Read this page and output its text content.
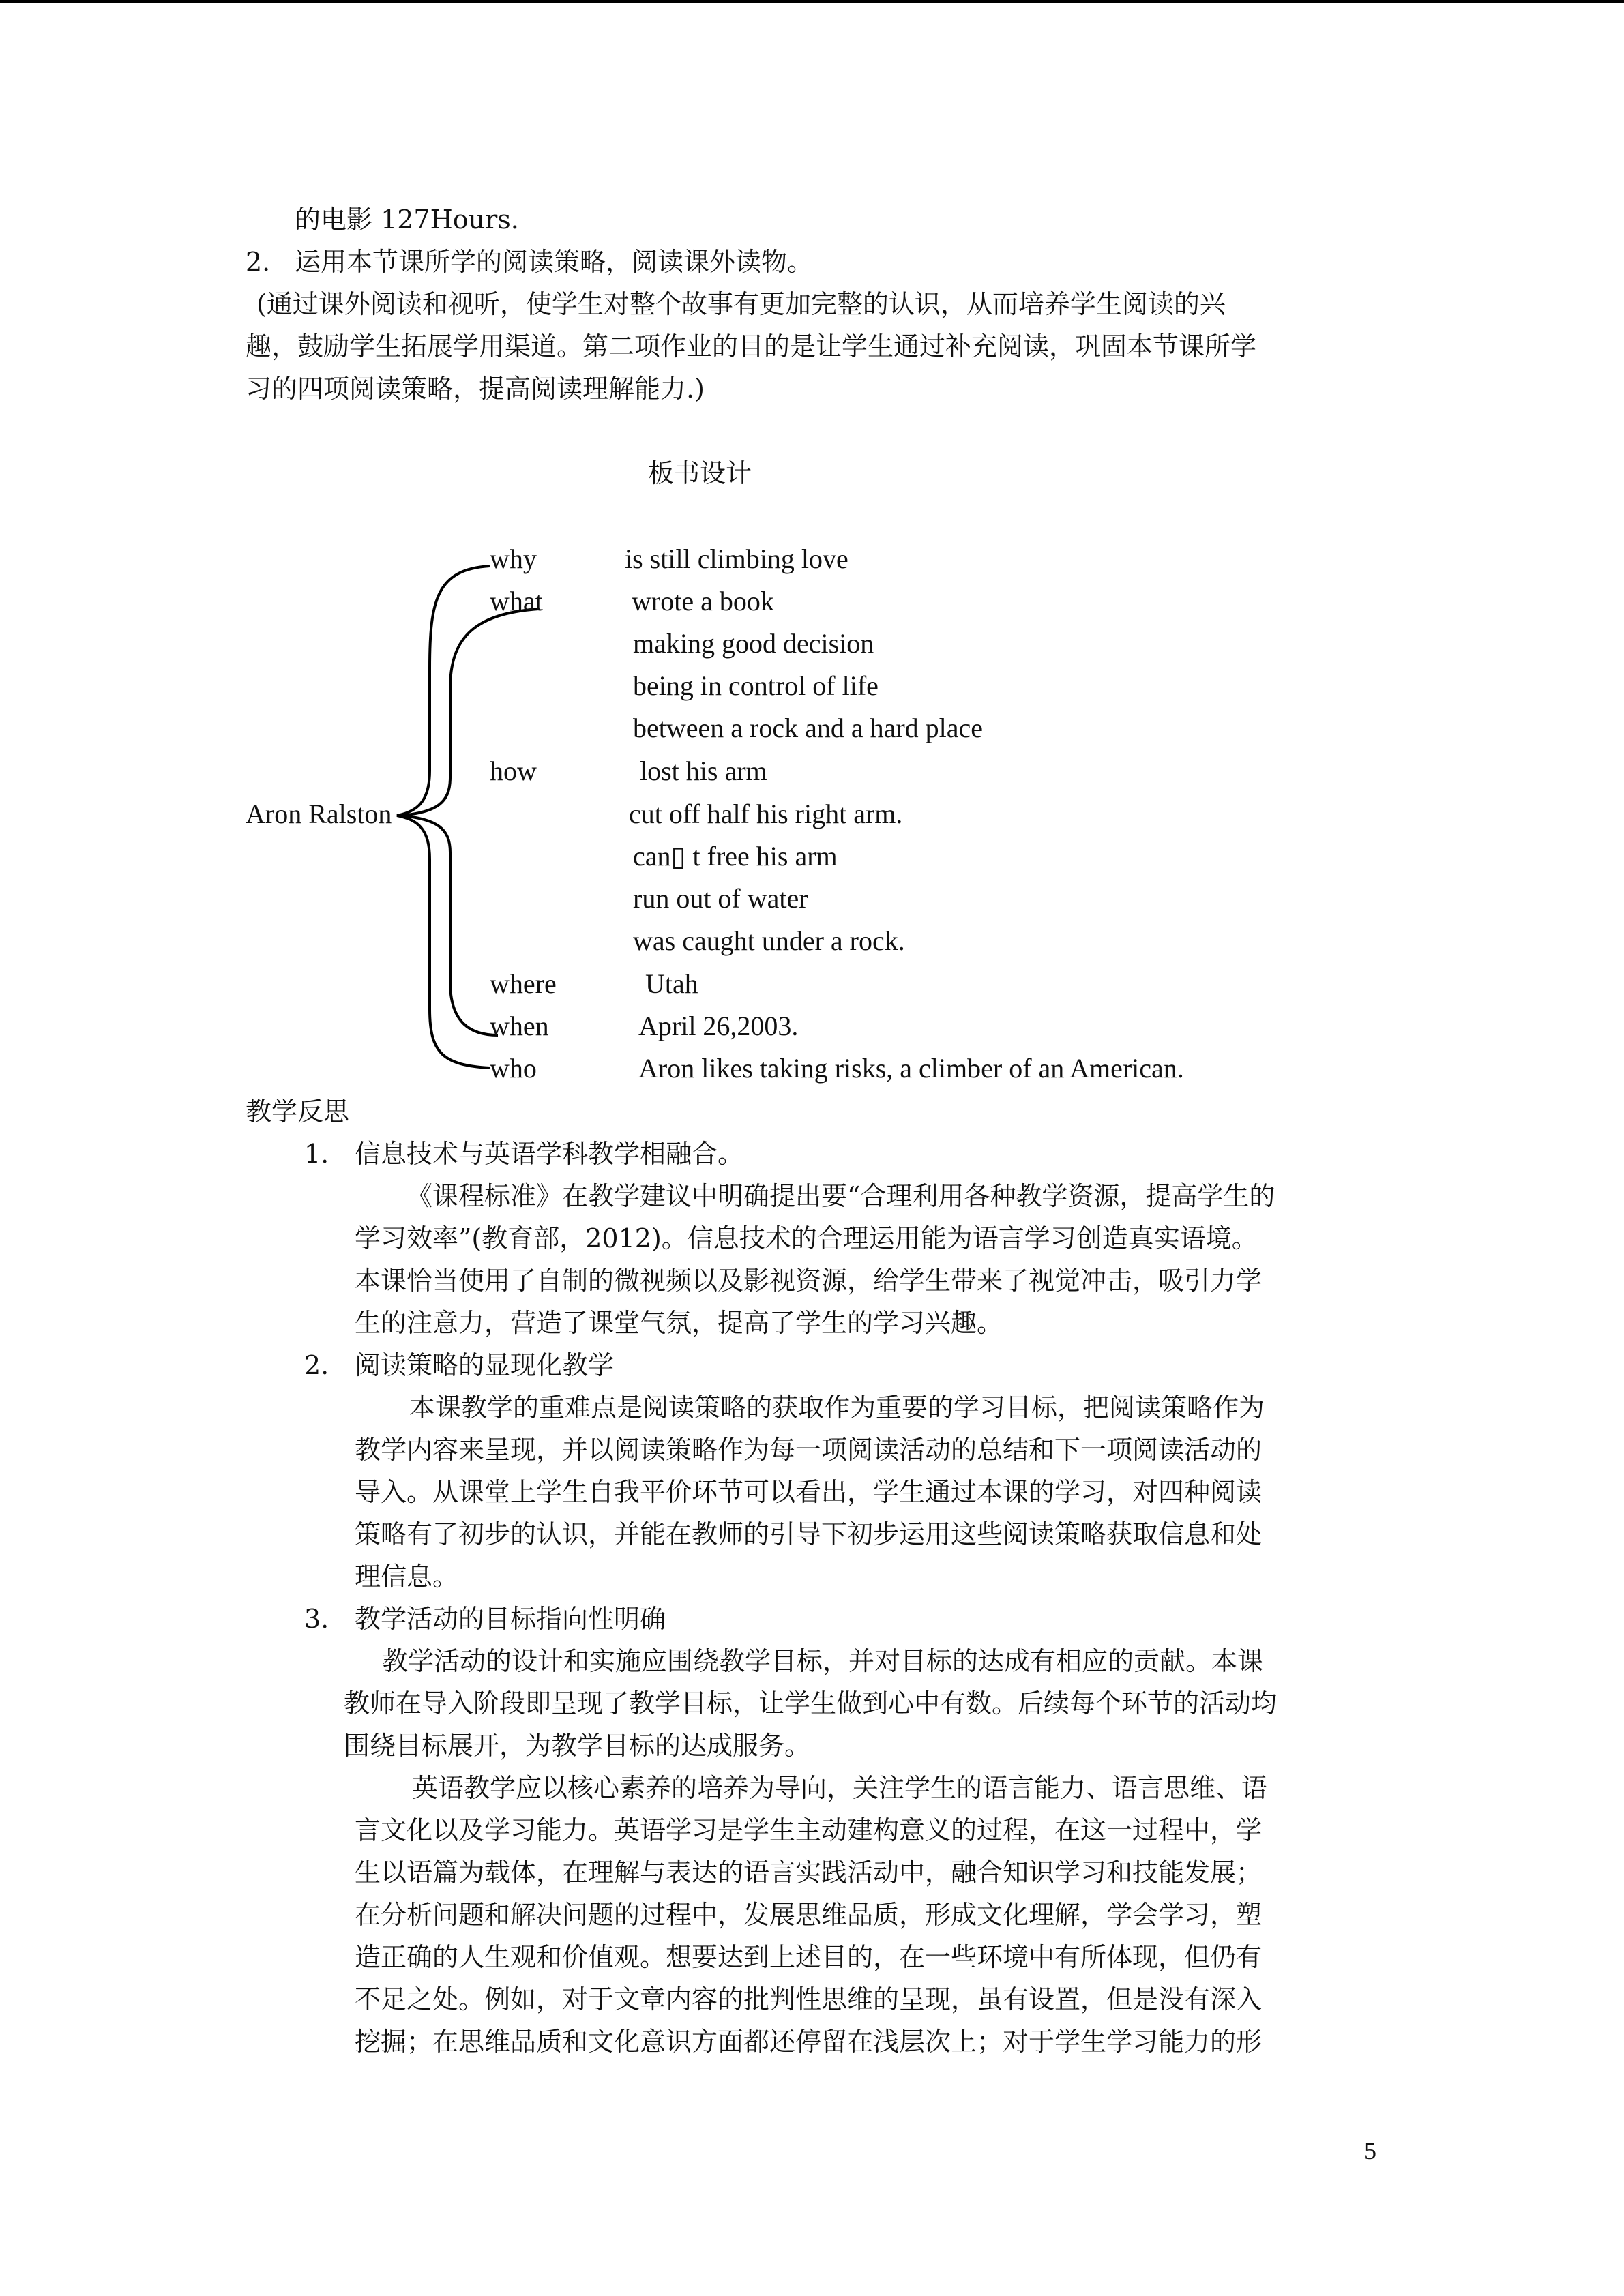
的电影 127Hours.
2. 运用本节课所学的阅读策略，阅读课外读物。
(通过课外阅读和视听，使学生对整个故事有更加完整的认识，从而培养学生阅读的兴
趣，鼓励学生拓展学用渠道。第二项作业的目的是让学生通过补充阅读，巩固本节课所学
习的四项阅读策略，提高阅读理解能力.)
板书设计
Aron Ralston
why	is still climbing love
what	wrote a book
making good decision
being in control of life
between a rock and a hard place
how	lost his arm
cut off half his right arm.
can▯ t free his arm
run out of water
was caught under a rock.
where	Utah
when	April 26,2003.
who	Aron likes taking risks, a climber of an American.
教学反思
1. 信息技术与英语学科教学相融合。
《课程标准》在教学建议中明确提出要“合理利用各种教学资源，提高学生的
学习效率”(教育部，2012)。信息技术的合理运用能为语言学习创造真实语境。
本课恰当使用了自制的微视频以及影视资源，给学生带来了视觉冲击，吸引力学
生的注意力，营造了课堂气氛，提高了学生的学习兴趣。
2. 阅读策略的显现化教学
本课教学的重难点是阅读策略的获取作为重要的学习目标，把阅读策略作为
教学内容来呈现，并以阅读策略作为每一项阅读活动的总结和下一项阅读活动的
导入。从课堂上学生自我平价环节可以看出，学生通过本课的学习，对四种阅读
策略有了初步的认识，并能在教师的引导下初步运用这些阅读策略获取信息和处
理信息。
3. 教学活动的目标指向性明确
教学活动的设计和实施应围绕教学目标，并对目标的达成有相应的贡献。本课
教师在导入阶段即呈现了教学目标，让学生做到心中有数。后续每个环节的活动均
围绕目标展开，为教学目标的达成服务。
英语教学应以核心素养的培养为导向，关注学生的语言能力、语言思维、语
言文化以及学习能力。英语学习是学生主动建构意义的过程，在这一过程中，学
生以语篇为载体，在理解与表达的语言实践活动中，融合知识学习和技能发展；
在分析问题和解决问题的过程中，发展思维品质，形成文化理解，学会学习，塑
造正确的人生观和价值观。想要达到上述目的，在一些环境中有所体现，但仍有
不足之处。例如，对于文章内容的批判性思维的呈现，虽有设置，但是没有深入
挖掘；在思维品质和文化意识方面都还停留在浅层次上；对于学生学习能力的形
5
